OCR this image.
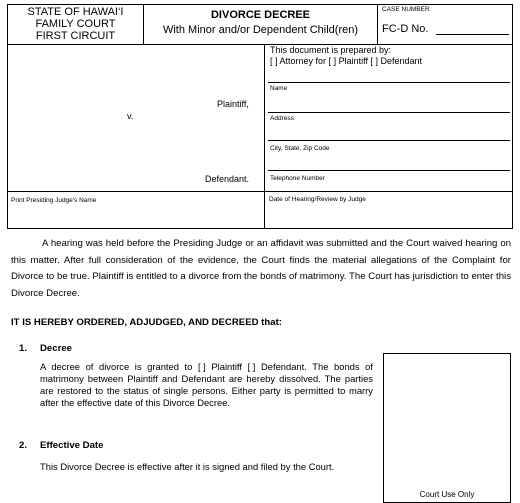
STATE OF HAWAI‘I
FAMILY COURT
FIRST CIRCUIT
DIVORCE DECREE
With Minor and/or Dependent Child(ren)
CASE NUMBER
FC-D No.
v.
Plaintiff,
Defendant.
This document is prepared by:
[ ] Attorney for [ ] Plaintiff [ ] Defendant
Name
Address
City, State, Zip Code
Telephone Number
Print Presiding Judge's Name	Date of Hearing/Review by Judge
A hearing was held before the Presiding Judge or an affidavit was submitted and the Court waived hearing on this matter. After full consideration of the evidence, the Court finds the material allegations of the Complaint for Divorce to be true. Plaintiff is entitled to a divorce from the bonds of matrimony. The Court has jurisdiction to enter this Divorce Decree.
IT IS HEREBY ORDERED, ADJUDGED, AND DECREED that:
1. Decree
A decree of divorce is granted to [ ] Plaintiff [ ] Defendant. The bonds of matrimony between Plaintiff and Defendant are hereby dissolved. The parties are restored to the status of single persons. Either party is permitted to marry after the effective date of this Divorce Decree.
2. Effective Date
This Divorce Decree is effective after it is signed and filed by the Court.
Court Use Only
